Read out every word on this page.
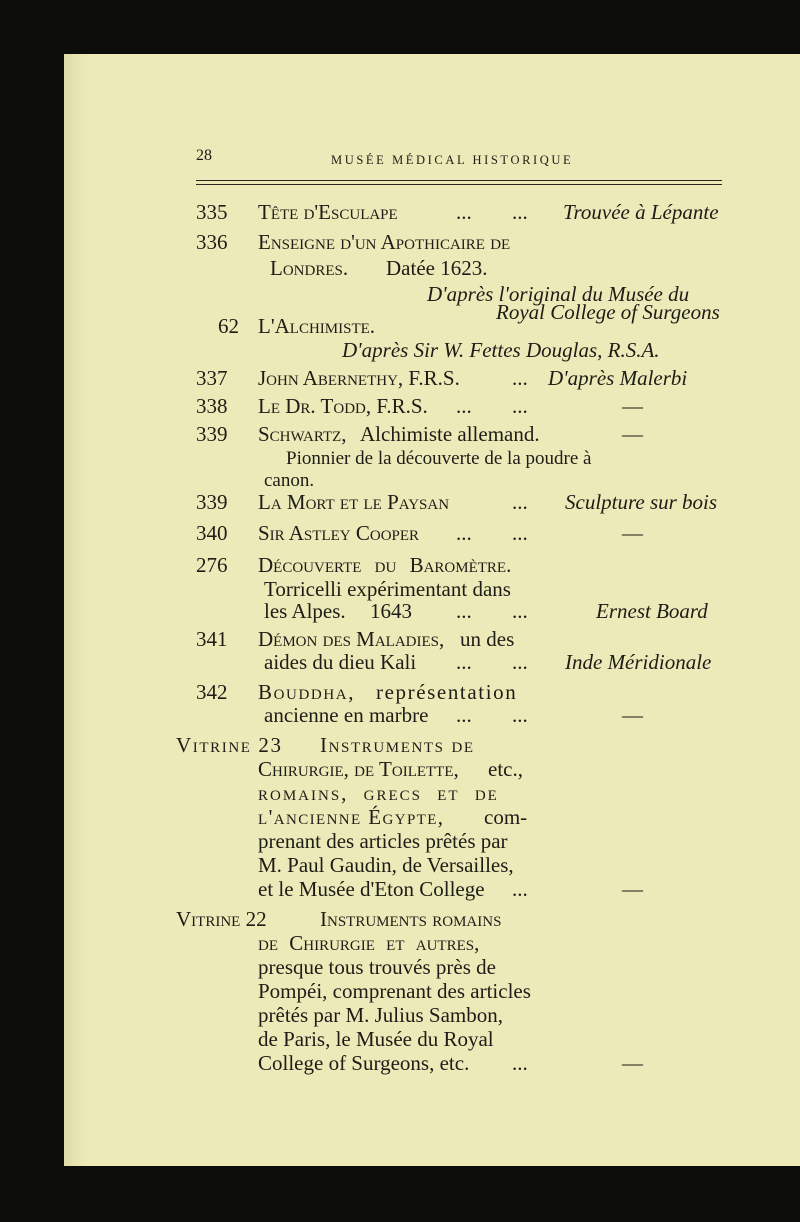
28	MUSÉE MÉDICAL HISTORIQUE
335 Tête d'Esculape	... ... Trouvée à Lépante
336 Enseigne d'un Apothicaire de
Londres. Datée 1623.
D'après l'original du Musée du
Royal College of Surgeons
62 L'Alchimiste.
D'après Sir W. Fettes Douglas, R.S.A.
337 John Abernethy, F.R.S. ... D'après Malerbi
338 Le Dr. Todd, F.R.S. ... ...	—
339 Schwartz, Alchimiste allemand.	—
Pionnier de la découverte de la poudre à
canon.
339 La Mort et le Paysan	... Sculpture sur bois
340 Sir Astley Cooper ... ...	—
276 Découverte du Baromètre.
Torricelli expérimentant dans
les Alpes. 1643 ... ...	Ernest Board
341 Démon des Maladies, un des
aides du dieu Kali ... ... Inde Méridionale
342 Bouddha, représentation
ancienne en marbre ... ...	—
Vitrine 23 Instruments de
Chirurgie, de Toilette, etc.,
romains, grecs et de
l'ancienne Égypte, com-
prenant des articles prêtés par
M. Paul Gaudin, de Versailles,
et le Musée d'Eton College ...	—
Vitrine 22	Instruments romains
de Chirurgie et autres,
presque tous trouvés près de
Pompéi, comprenant des articles
prêtés par M. Julius Sambon,
de Paris, le Musée du Royal
College of Surgeons, etc. ...	—
